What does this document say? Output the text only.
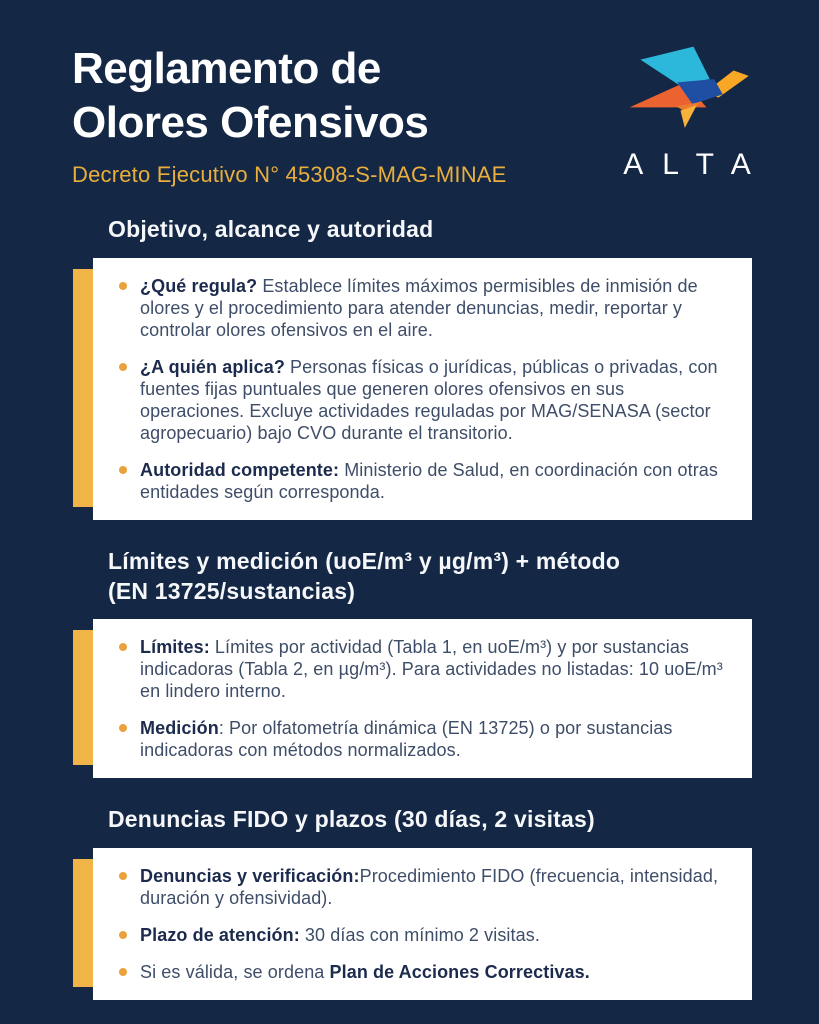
Reglamento de
Olores Ofensivos
Decreto Ejecutivo N° 45308-S-MAG-MINAE	ALTA
Objetivo, alcance y autoridad
¿Qué regula? Establece límites máximos permisibles de inmisión de olores y el procedimiento para atender denuncias, medir, reportar y controlar olores ofensivos en el aire.
¿A quién aplica? Personas físicas o jurídicas, públicas o privadas, con fuentes fijas puntuales que generen olores ofensivos en sus operaciones. Excluye actividades reguladas por MAG/SENASA (sector agropecuario) bajo CVO durante el transitorio.
Autoridad competente: Ministerio de Salud, en coordinación con otras entidades según corresponda.
Límites y medición (uoE/m³ y µg/m³) + método
(EN 13725/sustancias)
Límites: Límites por actividad (Tabla 1, en uoE/m³) y por sustancias indicadoras (Tabla 2, en µg/m³). Para actividades no listadas: 10 uoE/m³ en lindero interno.
Medición: Por olfatometría dinámica (EN 13725) o por sustancias indicadoras con métodos normalizados.
Denuncias FIDO y plazos (30 días, 2 visitas)
Denuncias y verificación:Procedimiento FIDO (frecuencia, intensidad, duración y ofensividad).
Plazo de atención: 30 días con mínimo 2 visitas.
Si es válida, se ordena Plan de Acciones Correctivas.
